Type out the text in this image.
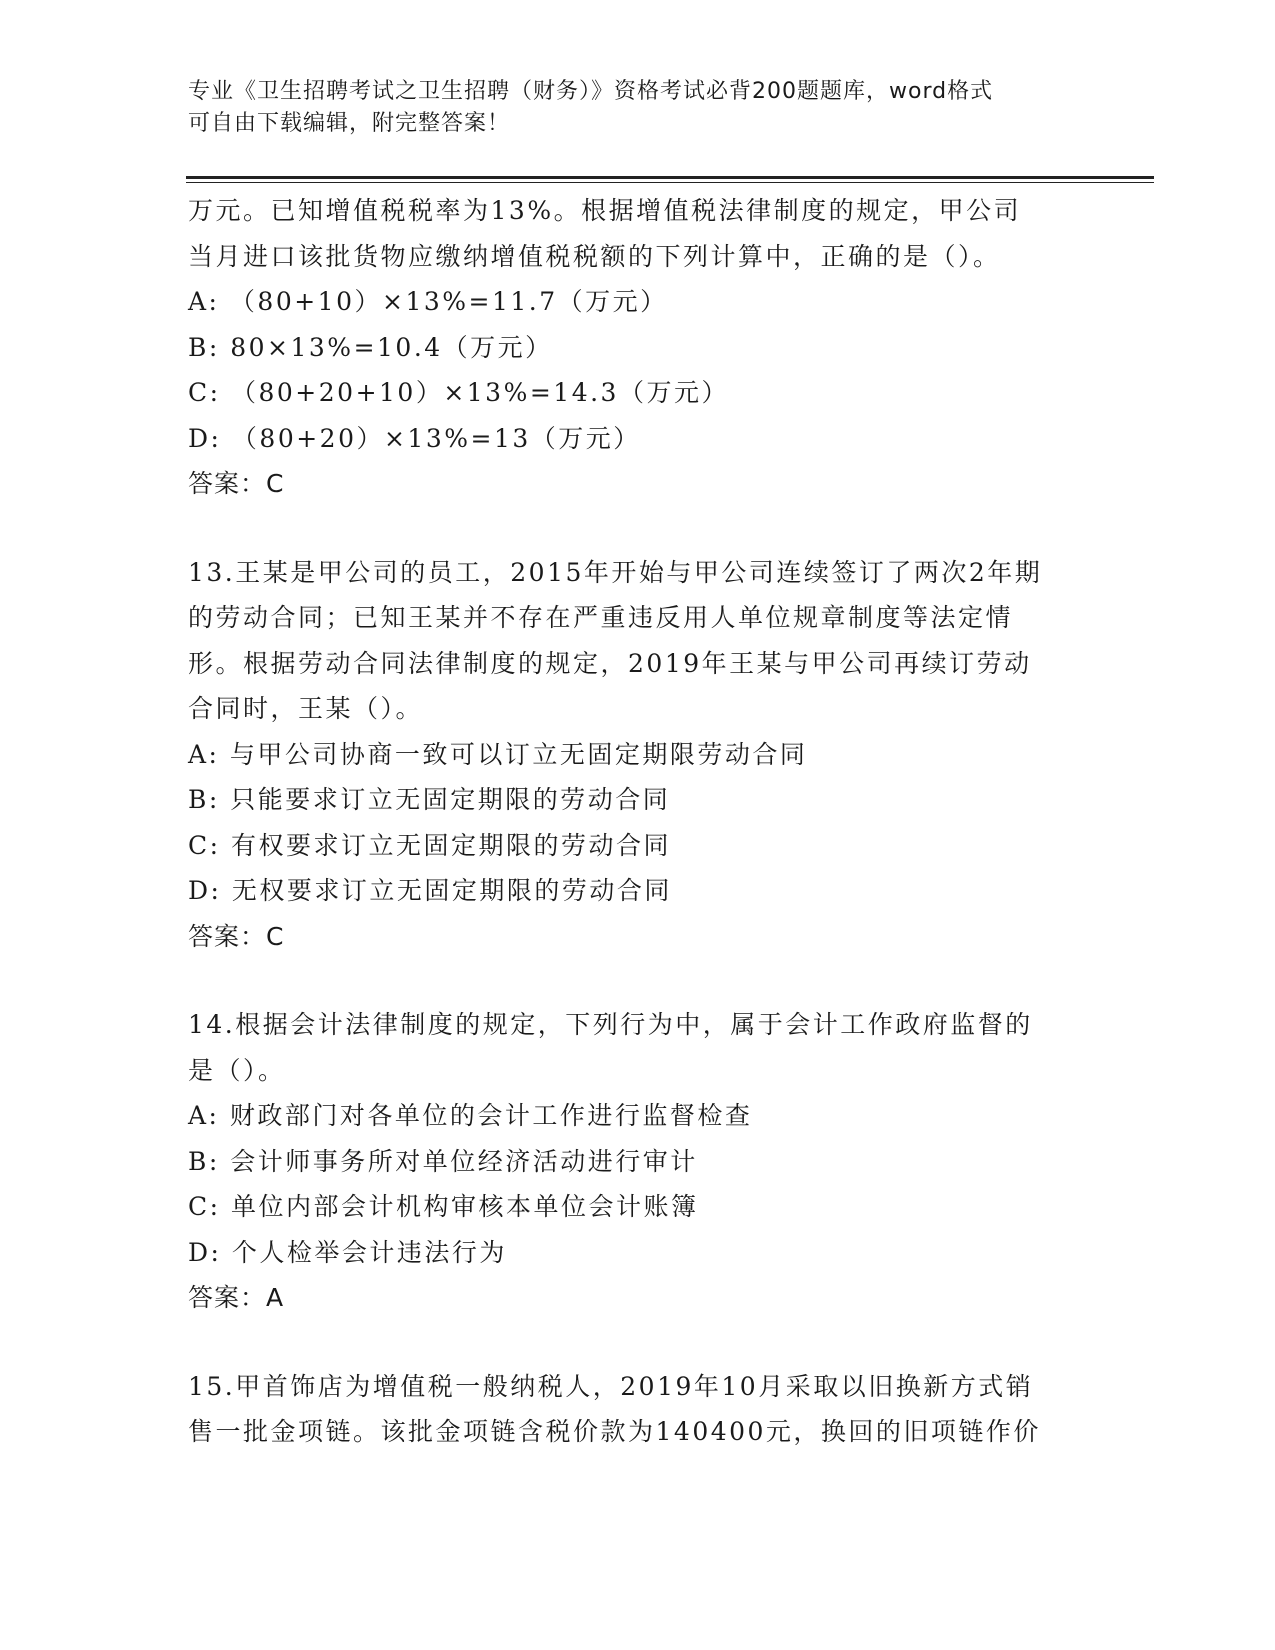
专业《卫生招聘考试之卫生招聘（财务）》资格考试必背200题题库，word格式
可自由下载编辑，附完整答案！
万元。已知增值税税率为13%。根据增值税法律制度的规定，甲公司
当月进口该批货物应缴纳增值税税额的下列计算中，正确的是（）。
A: （80+10）×13%=11.7（万元）
B: 80×13%=10.4（万元）
C: （80+20+10）×13%=14.3（万元）
D: （80+20）×13%=13（万元）
答案：C
13.王某是甲公司的员工，2015年开始与甲公司连续签订了两次2年期
的劳动合同；已知王某并不存在严重违反用人单位规章制度等法定情
形。根据劳动合同法律制度的规定，2019年王某与甲公司再续订劳动
合同时，王某（）。
A: 与甲公司协商一致可以订立无固定期限劳动合同
B: 只能要求订立无固定期限的劳动合同
C: 有权要求订立无固定期限的劳动合同
D: 无权要求订立无固定期限的劳动合同
答案：C
14.根据会计法律制度的规定，下列行为中，属于会计工作政府监督的
是（）。
A: 财政部门对各单位的会计工作进行监督检查
B: 会计师事务所对单位经济活动进行审计
C: 单位内部会计机构审核本单位会计账簿
D: 个人检举会计违法行为
答案：A
15.甲首饰店为增值税一般纳税人，2019年10月采取以旧换新方式销
售一批金项链。该批金项链含税价款为140400元，换回的旧项链作价
